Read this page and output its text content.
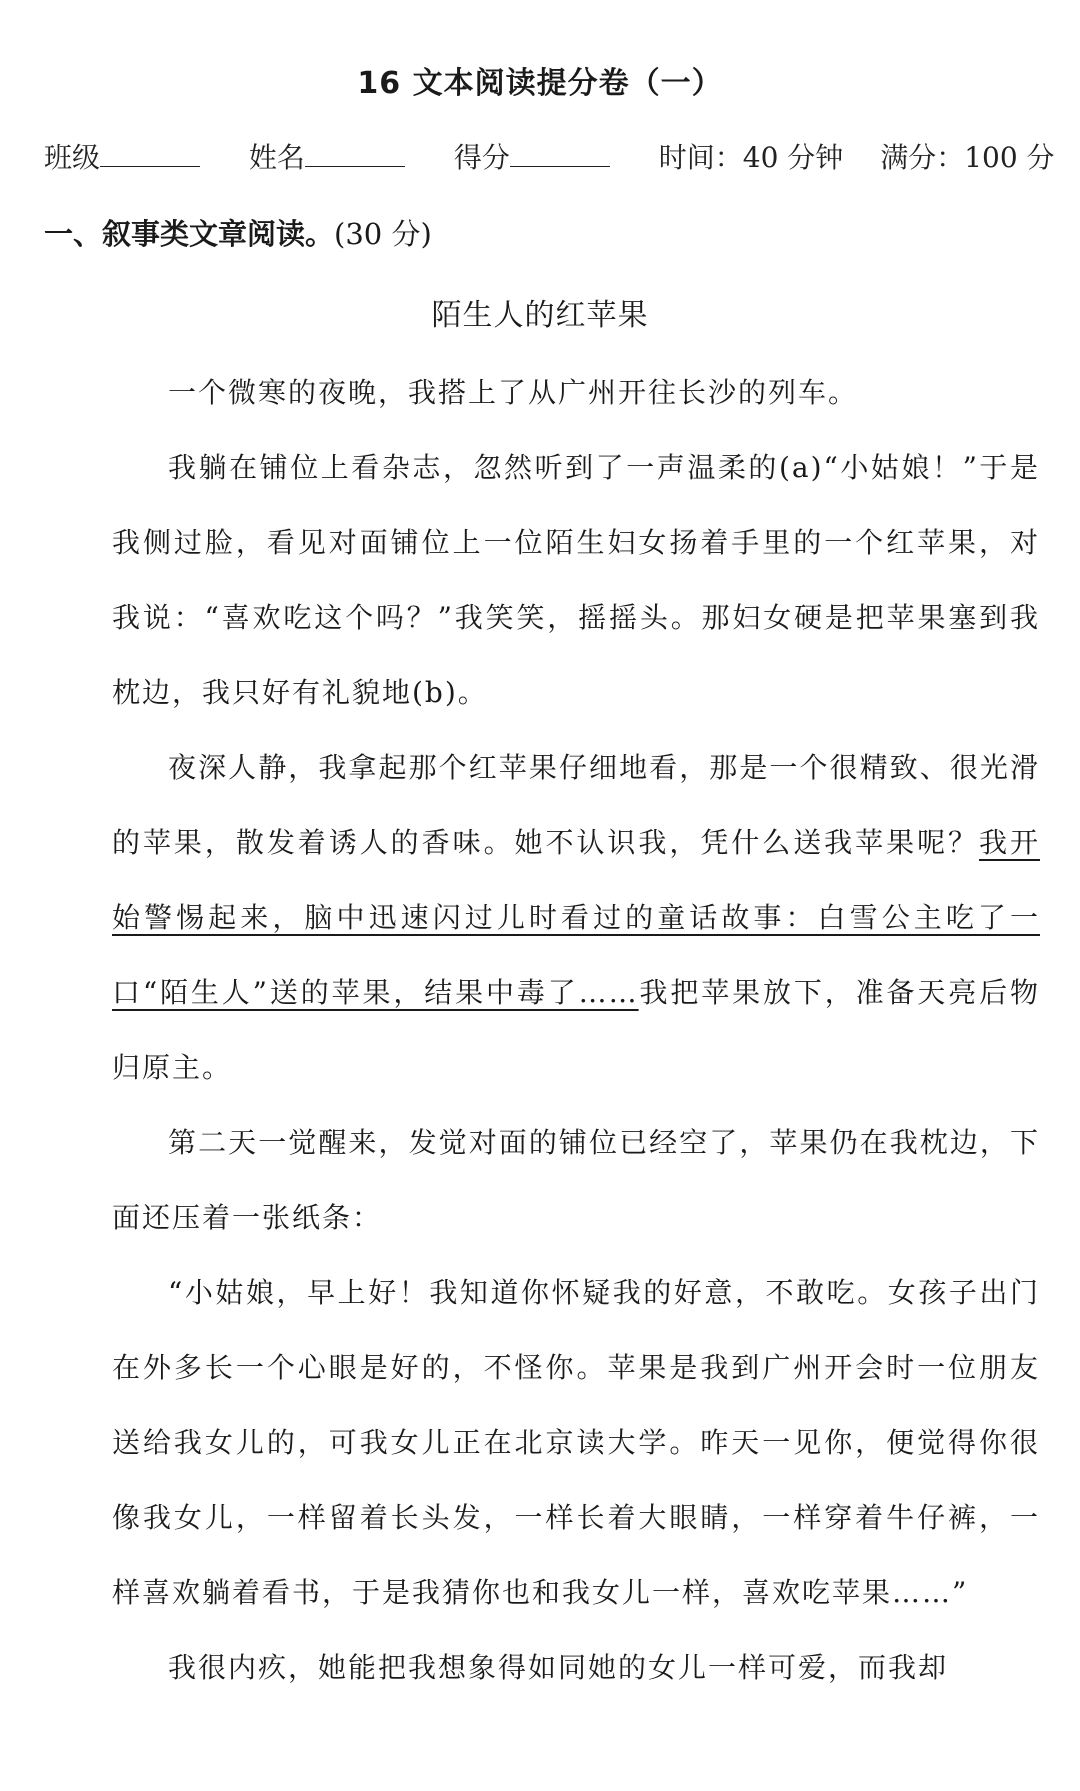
16 文本阅读提分卷（一）
班级	姓名	得分	时间：40 分钟 满分：100 分
一、叙事类文章阅读。(30 分)
陌生人的红苹果

一个微寒的夜晚，我搭上了从广州开往长沙的列车。

我躺在铺位上看杂志，忽然听到了一声温柔的(a)“小姑娘！”于是我侧过脸，看见对面铺位上一位陌生妇女扬着手里的一个红苹果，对我说：“喜欢吃这个吗？”我笑笑，摇摇头。那妇女硬是把苹果塞到我枕边，我只好有礼貌地(b)。

夜深人静，我拿起那个红苹果仔细地看，那是一个很精致、很光滑的苹果，散发着诱人的香味。她不认识我，凭什么送我苹果呢？我开始警惕起来，脑中迅速闪过儿时看过的童话故事：白雪公主吃了一口“陌生人”送的苹果，结果中毒了……我把苹果放下，准备天亮后物归原主。

第二天一觉醒来，发觉对面的铺位已经空了，苹果仍在我枕边，下面还压着一张纸条：

“小姑娘，早上好！我知道你怀疑我的好意，不敢吃。女孩子出门在外多长一个心眼是好的，不怪你。苹果是我到广州开会时一位朋友送给我女儿的，可我女儿正在北京读大学。昨天一见你，便觉得你很像我女儿，一样留着长头发，一样长着大眼睛，一样穿着牛仔裤，一样喜欢躺着看书，于是我猜你也和我女儿一样，喜欢吃苹果……”

我很内疚，她能把我想象得如同她的女儿一样可爱，而我却
